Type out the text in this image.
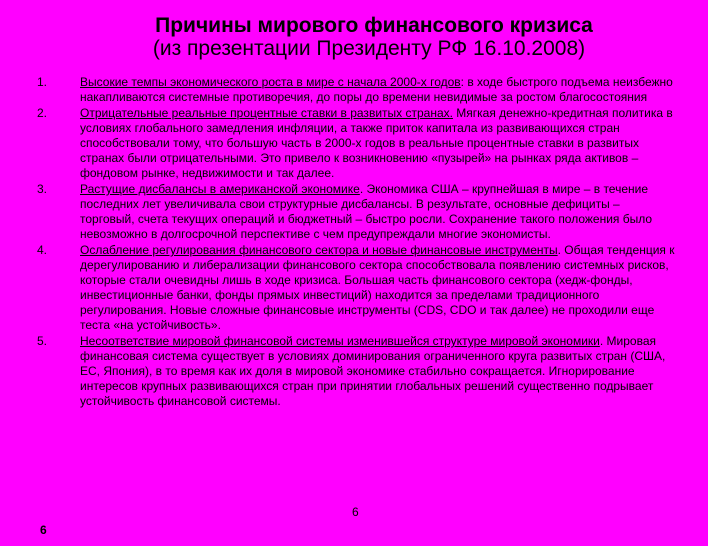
Причины мирового финансового кризиса
(из презентации Президенту РФ 16.10.2008)
1.	Высокие темпы экономического роста в мире с начала 2000-х годов: в ходе быстрого подъема неизбежно накапливаются системные противоречия, до поры до времени невидимые за ростом благосостояния
2.	Отрицательные реальные процентные ставки в развитых странах. Мягкая денежно-кредитная политика в условиях глобального замедления инфляции, а также приток капитала из развивающихся стран способствовали тому, что большую часть в 2000-х годов в реальные процентные ставки в развитых странах были отрицательными. Это привело к возникновению «пузырей» на рынках ряда активов – фондовом рынке, недвижимости и так далее.
3.	Растущие дисбалансы в американской экономике. Экономика США – крупнейшая в мире – в течение последних лет увеличивала свои структурные дисбалансы. В результате, основные дефициты – торговый, счета текущих операций и бюджетный – быстро росли. Сохранение такого положения было невозможно в долгосрочной перспективе с чем предупреждали многие экономисты.
4.	Ослабление регулирования финансового сектора и новые финансовые инструменты. Общая тенденция к дерегулированию и либерализации финансового сектора способствовала появлению системных рисков, которые стали очевидны лишь в ходе кризиса. Большая часть финансового сектора (хедж-фонды, инвестиционные банки, фонды прямых инвестиций) находится за пределами традиционного регулирования. Новые сложные финансовые инструменты (CDS, CDO и так далее) не проходили еще теста «на устойчивость».
5.	Несоответствие мировой финансовой системы изменившейся структуре мировой экономики. Мировая финансовая система существует в условиях доминирования ограниченного круга развитых стран (США, ЕС, Япония), в то время как их доля в мировой экономике стабильно сокращается. Игнорирование интересов крупных развивающихся стран при принятии глобальных решений существенно подрывает устойчивость финансовой системы.
6
6
